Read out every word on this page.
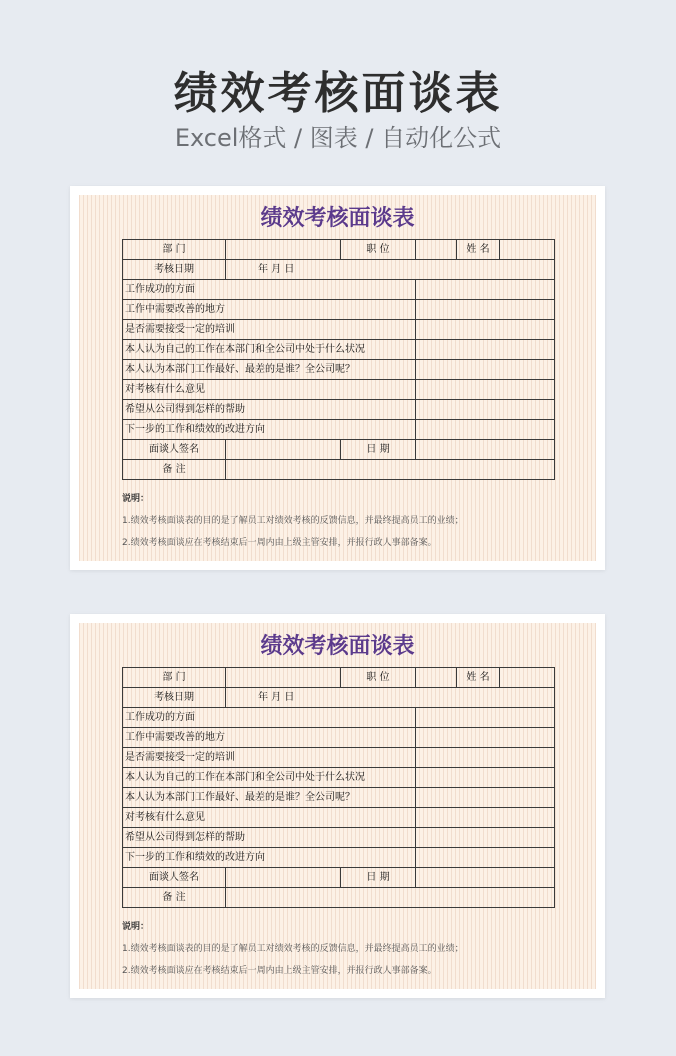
绩效考核面谈表
Excel格式 / 图表 / 自动化公式
绩效考核面谈表
部 门		职 位		姓 名	
考核日期	年 月 日				
工作成功的方面					
工作中需要改善的地方					
是否需要接受一定的培训					
本人认为自己的工作在本部门和全公司中处于什么状况					
本人认为本部门工作最好、最差的是谁？全公司呢？					
对考核有什么意见					
希望从公司得到怎样的帮助					
下一步的工作和绩效的改进方向					
面谈人签名		日 期			
备 注					
说明：
1.绩效考核面谈表的目的是了解员工对绩效考核的反馈信息，并最终提高员工的业绩；
2.绩效考核面谈应在考核结束后一周内由上级主管安排，并报行政人事部备案。
绩效考核面谈表
部 门		职 位		姓 名	
考核日期	年 月 日				
工作成功的方面					
工作中需要改善的地方					
是否需要接受一定的培训					
本人认为自己的工作在本部门和全公司中处于什么状况					
本人认为本部门工作最好、最差的是谁？全公司呢？					
对考核有什么意见					
希望从公司得到怎样的帮助					
下一步的工作和绩效的改进方向					
面谈人签名		日 期			
备 注					
说明：
1.绩效考核面谈表的目的是了解员工对绩效考核的反馈信息，并最终提高员工的业绩；
2.绩效考核面谈应在考核结束后一周内由上级主管安排，并报行政人事部备案。
